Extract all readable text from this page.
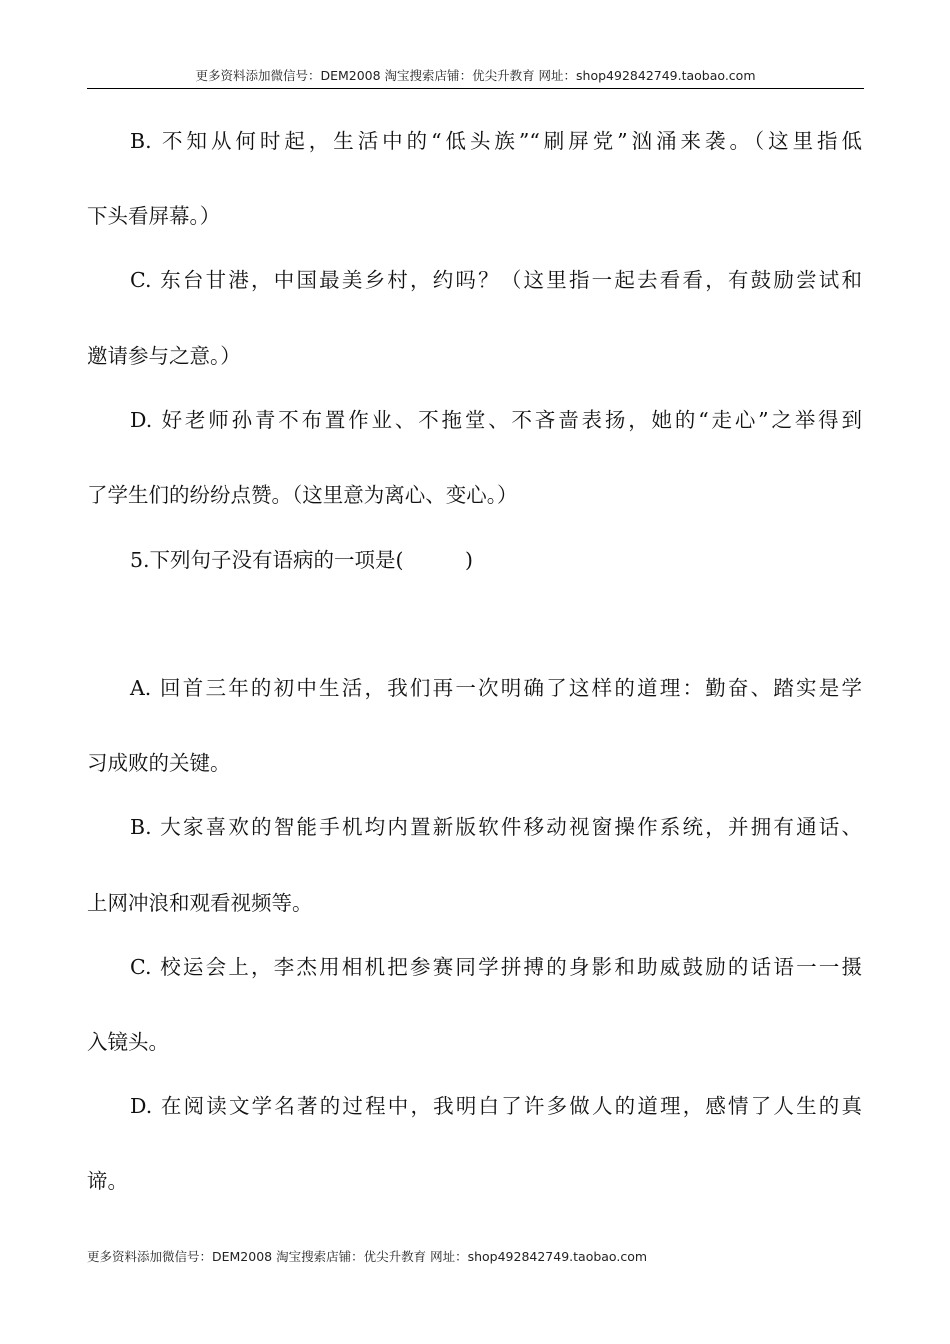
更多资料添加微信号：DEM2008 淘宝搜索店铺：优尖升教育 网址：shop492842749.taobao.com
B. 不知从何时起，生活中的“低头族”“刷屏党”汹涌来袭。（这里指低
下头看屏幕。）
C. 东台甘港，中国最美乡村，约吗？（这里指一起去看看，有鼓励尝试和
邀请参与之意。）
D. 好老师孙青不布置作业、不拖堂、不吝啬表扬，她的“走心”之举得到
了学生们的纷纷点赞。（这里意为离心、变心。）
5.下列句子没有语病的一项是(　　　)
A. 回首三年的初中生活，我们再一次明确了这样的道理：勤奋、踏实是学
习成败的关键。
B. 大家喜欢的智能手机均内置新版软件移动视窗操作系统，并拥有通话、
上网冲浪和观看视频等。
C. 校运会上，李杰用相机把参赛同学拼搏的身影和助威鼓励的话语一一摄
入镜头。
D. 在阅读文学名著的过程中，我明白了许多做人的道理，感情了人生的真
谛。
更多资料添加微信号：DEM2008 淘宝搜索店铺：优尖升教育 网址：shop492842749.taobao.com
